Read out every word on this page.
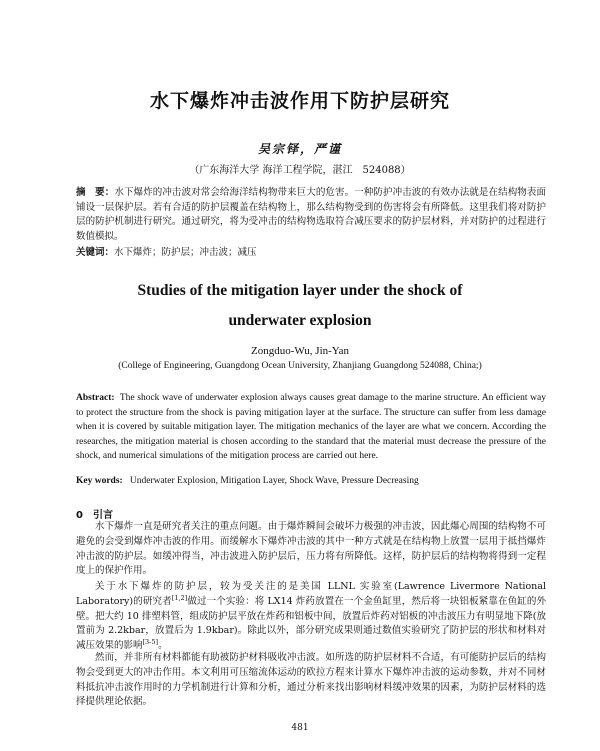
水下爆炸冲击波作用下防护层研究
吴宗铎，严谨
（广东海洋大学 海洋工程学院，湛江　524088）
摘　要：水下爆炸的冲击波对常会给海洋结构物带来巨大的危害。一种防护冲击波的有效办法就是在结构物表面铺设一层保护层。若有合适的防护层覆盖在结构物上，那么结构物受到的伤害将会有所降低。这里我们将对防护层的防护机制进行研究。通过研究，将为受冲击的结构物选取符合减压要求的防护层材料，并对防护的过程进行数值模拟。
关键词：水下爆炸；防护层；冲击波；减压
Studies of the mitigation layer under the shock of
underwater explosion
Zongduo-Wu, Jin-Yan
(College of Engineering, Guangdong Ocean University, Zhanjiang Guangdong 524088, China;)
Abstract: The shock wave of underwater explosion always causes great damage to the marine structure. An efficient way to protect the structure from the shock is paving mitigation layer at the surface. The structure can suffer from less damage when it is covered by suitable mitigation layer. The mitigation mechanics of the layer are what we concern. According the researches, the mitigation material is chosen according to the standard that the material must decrease the pressure of the shock, and numerical simulations of the mitigation process are carried out here.
Key words: Underwater Explosion, Mitigation Layer, Shock Wave, Pressure Decreasing
0　引言
水下爆炸一直是研究者关注的重点问题。由于爆炸瞬间会破坏力极强的冲击波，因此爆心周围的结构物不可避免的会受到爆炸冲击波的作用。而缓解水下爆炸冲击波的其中一种方式就是在结构物上放置一层用于抵挡爆炸冲击波的防护层。如缓冲得当，冲击波进入防护层后，压力将有所降低。这样，防护层后的结构物将得到一定程度上的保护作用。
关于水下爆炸的防护层，较为受关注的是美国 LLNL 实验室(Lawrence Livermore National Laboratory)的研究者[1,2]做过一个实验：将 LX14 炸药放置在一个金鱼缸里，然后将一块铝板紧靠在鱼缸的外壁。把大约 10 排塑料管，组成防护层平放在炸药和铝板中间，放置后炸药对铝板的冲击波压力有明显地下降(放置前为 2.2kbar，放置后为 1.9kbar)。除此以外，部分研究成果则通过数值实验研究了防护层的形状和材料对减压效果的影响[3-5]。
然而，并非所有材料都能有助被防护材料吸收冲击波。如所选的防护层材料不合适，有可能防护层后的结构物会受到更大的冲击作用。本文利用可压缩流体运动的欧拉方程来计算水下爆炸冲击波的运动参数，并对不同材料抵抗冲击波作用时的力学机制进行计算和分析，通过分析来找出影响材料缓冲效果的因素，为防护层材料的选择提供理论依据。
481
